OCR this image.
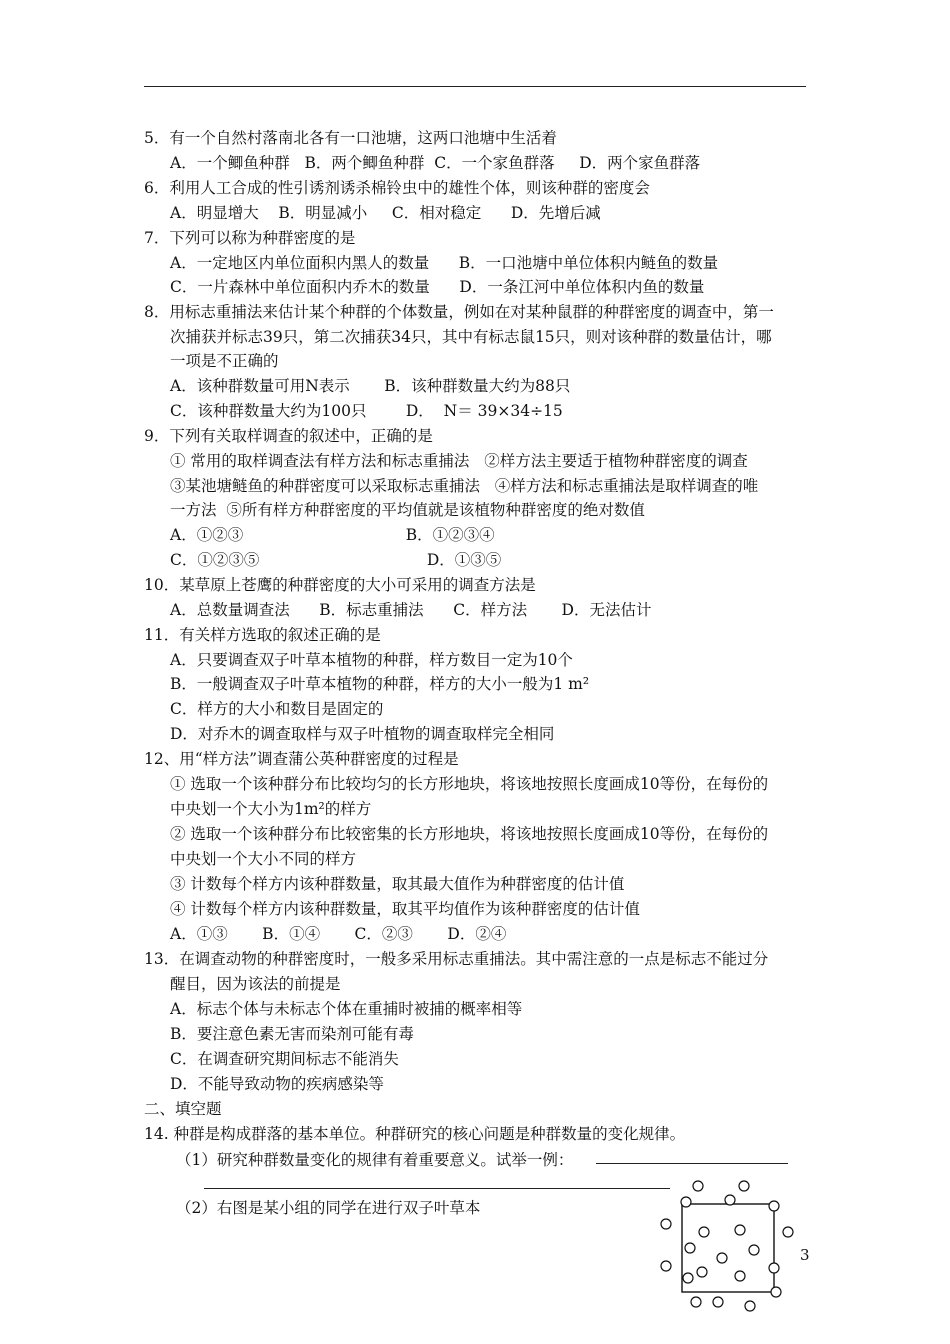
5．有一个自然村落南北各有一口池塘，这两口池塘中生活着
A．一个鲫鱼种群   B．两个鲫鱼种群  C．一个家鱼群落     D．两个家鱼群落
6．利用人工合成的性引诱剂诱杀棉铃虫中的雄性个体，则该种群的密度会
A．明显增大    B．明显减小     C．相对稳定      D．先增后减
7．下列可以称为种群密度的是
A．一定地区内单位面积内黑人的数量      B．一口池塘中单位体积内鲢鱼的数量
C．一片森林中单位面积内乔木的数量      D．一条江河中单位体积内鱼的数量
8．用标志重捕法来估计某个种群的个体数量，例如在对某种鼠群的种群密度的调查中，第一
次捕获并标志39只，第二次捕获34只，其中有标志鼠15只，则对该种群的数量估计，哪
一项是不正确的
A．该种群数量可用N表示       B．该种群数量大约为88只
C．该种群数量大约为100只        D．  N＝ 39×34÷15
9．下列有关取样调查的叙述中，正确的是
① 常用的取样调查法有样方法和标志重捕法   ②样方法主要适于植物种群密度的调查
③某池塘鲢鱼的种群密度可以采取标志重捕法   ④样方法和标志重捕法是取样调查的唯
一方法  ⑤所有样方种群密度的平均值就是该植物种群密度的绝对数值
A．①②③                                 B．①②③④
C．①②③⑤                                  D．①③⑤
10．某草原上苍鹰的种群密度的大小可采用的调查方法是
A．总数量调查法      B．标志重捕法      C．样方法       D．无法估计
11．有关样方选取的叙述正确的是
A．只要调查双子叶草本植物的种群，样方数目一定为10个
B．一般调查双子叶草本植物的种群，样方的大小一般为1 m²
C．样方的大小和数目是固定的
D．对乔木的调查取样与双子叶植物的调查取样完全相同
12、用“样方法”调查蒲公英种群密度的过程是
① 选取一个该种群分布比较均匀的长方形地块，将该地按照长度画成10等份，在每份的
中央划一个大小为1m²的样方
② 选取一个该种群分布比较密集的长方形地块，将该地按照长度画成10等份，在每份的
中央划一个大小不同的样方
③ 计数每个样方内该种群数量，取其最大值作为种群密度的估计值
④ 计数每个样方内该种群数量，取其平均值作为该种群密度的估计值
A．①③       B．①④       C．②③       D．②④
13．在调查动物的种群密度时，一般多采用标志重捕法。其中需注意的一点是标志不能过分
醒目，因为该法的前提是
A．标志个体与未标志个体在重捕时被捕的概率相等
B．要注意色素无害而染剂可能有毒
C．在调查研究期间标志不能消失
D．不能导致动物的疾病感染等
二、填空题
14. 种群是构成群落的基本单位。种群研究的核心问题是种群数量的变化规律。
（1）研究种群数量变化的规律有着重要意义。试举一例：
（2）右图是某小组的同学在进行双子叶草本
3
